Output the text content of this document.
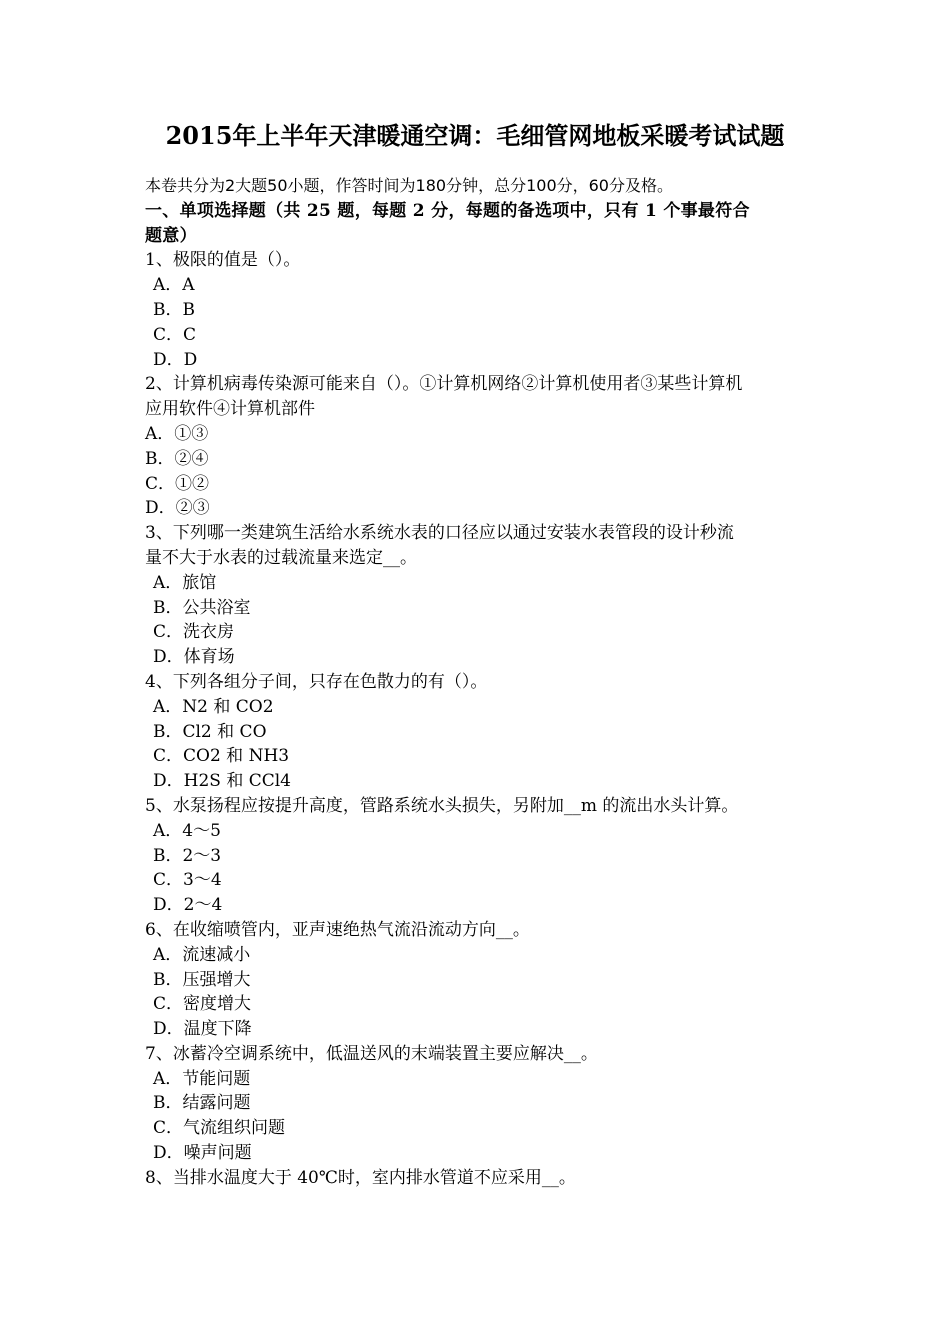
2015年上半年天津暖通空调：毛细管网地板采暖考试试题
本卷共分为2大题50小题，作答时间为180分钟，总分100分，60分及格。
一、单项选择题（共 25 题，每题 2 分，每题的备选项中，只有 1 个事最符合
题意）
1、极限的值是（）。
A．A
B．B
C．C
D．D
2、计算机病毒传染源可能来自（）。①计算机网络②计算机使用者③某些计算机
应用软件④计算机部件
A．①③
B．②④
C．①②
D．②③
3、下列哪一类建筑生活给水系统水表的口径应以通过安装水表管段的设计秒流
量不大于水表的过载流量来选定__。
A．旅馆
B．公共浴室
C．洗衣房
D．体育场
4、下列各组分子间，只存在色散力的有（）。
A．N2 和 CO2
B．Cl2 和 CO
C．CO2 和 NH3
D．H2S 和 CCl4
5、水泵扬程应按提升高度，管路系统水头损失，另附加__m 的流出水头计算。
A．4～5
B．2～3
C．3～4
D．2～4
6、在收缩喷管内，亚声速绝热气流沿流动方向__。
A．流速减小
B．压强增大
C．密度增大
D．温度下降
7、冰蓄冷空调系统中，低温送风的末端装置主要应解决__。
A．节能问题
B．结露问题
C．气流组织问题
D．噪声问题
8、当排水温度大于 40℃时，室内排水管道不应采用__。
